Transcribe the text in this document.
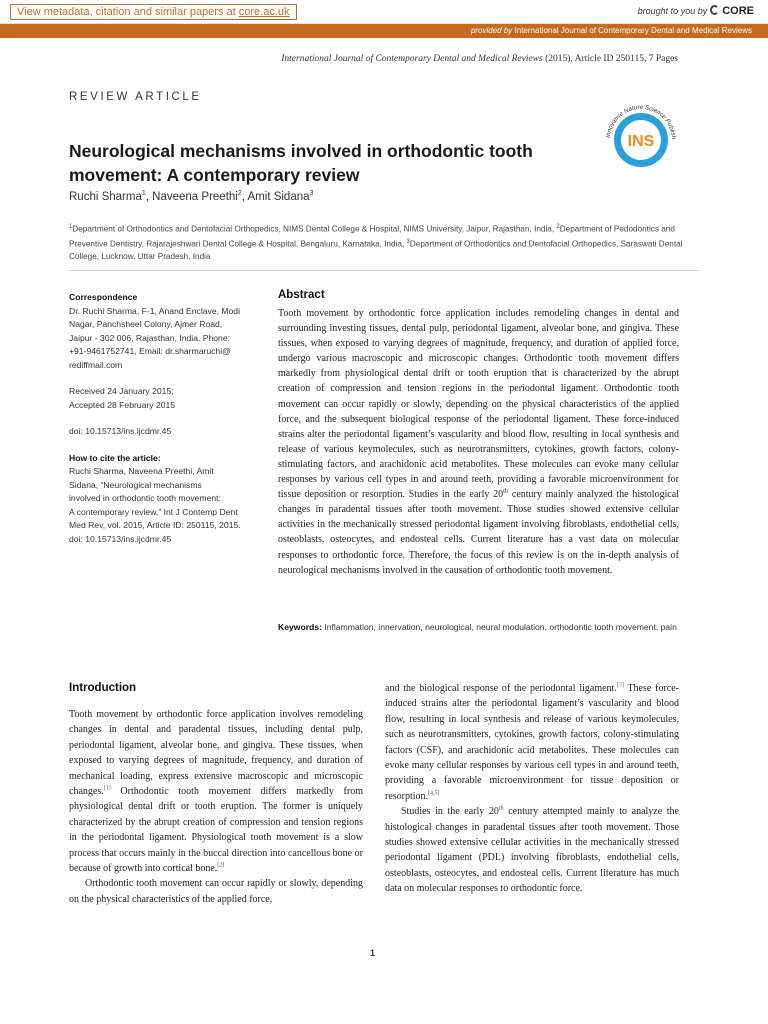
View metadata, citation and similar papers at core.ac.uk	brought to you by CORE
provided by International Journal of Contemporary Dental and Medical Reviews
International Journal of Contemporary Dental and Medical Reviews (2015), Article ID 250115, 7 Pages
REVIEW ARTICLE
INS
Innovative Nature Science Publish
Neurological mechanisms involved in orthodontic tooth movement: A contemporary review
Ruchi Sharma$^1$, Naveena Preethi$^2$, Amit Sidana$^3$
$^1$Department of Orthodontics and Dentofacial Orthopedics, NIMS Dental College & Hospital, NIMS University, Jaipur, Rajasthan, India, $^2$Department of Pedodontics and Preventive Dentistry, Rajarajeshwari Dental College & Hospital, Bengaluru, Karnataka, India, $^3$Department of Orthodontics and Dentofacial Orthopedics, Saraswati Dental College, Lucknow, Uttar Pradesh, India
Correspondence
Dr. Ruchi Sharma, F-1, Anand Enclave, Modi
Nagar, Panchsheel Colony, Ajmer Road,
Jaipur - 302 006, Rajasthan, India. Phone:
+91-9461752741, Email: dr.sharmaruchi@
rediffmail.com
Received 24 January 2015;
Accepted 28 February 2015
doi: 10.15713/ins.ijcdmr.45
How to cite the article:
Ruchi Sharma, Naveena Preethi, Amit
Sidana, “Neurological mechanisms
involved in orthodontic tooth movement:
A contemporary review,” Int J Contemp Dent
Med Rev, vol. 2015, Article ID: 250115, 2015.
doi: 10.15713/ins.ijcdmr.45
Abstract
Tooth movement by orthodontic force application includes remodeling changes in dental and surrounding investing tissues, dental pulp, periodontal ligament, alveolar bone, and gingiva. These tissues, when exposed to varying degrees of magnitude, frequency, and duration of applied force, undergo various macroscopic and microscopic changes. Orthodontic tooth movement differs markedly from physiological dental drift or tooth eruption that is characterized by the abrupt creation of compression and tension regions in the periodontal ligament. Orthodontic tooth movement can occur rapidly or slowly, depending on the physical characteristics of the applied force, and the subsequent biological response of the periodontal ligament. These force-induced strains alter the periodontal ligament’s vascularity and blood flow, resulting in local synthesis and release of various keymolecules, such as neurotransmitters, cytokines, growth factors, colony-stimulating factors, and arachidonic acid metabolites. These molecules can evoke many cellular responses by various cell types in and around teeth, providing a favorable microenvironment for tissue deposition or resorption. Studies in the early 20th century mainly analyzed the histological changes in paradental tissues after tooth movement. Those studies showed extensive cellular activities in the mechanically stressed periodontal ligament involving fibroblasts, endothelial cells, osteoblasts, osteocytes, and endosteal cells. Current literature has a vast data on molecular responses to orthodontic force. Therefore, the focus of this review is on the in-depth analysis of neurological mechanisms involved in the causation of orthodontic tooth movement.
Keywords: Inflammation, innervation, neurological, neural modulation, orthodontic tooth movement, pain
Introduction

Tooth movement by orthodontic force application involves remodeling changes in dental and paradental tissues, including dental pulp, periodontal ligament, alveolar bone, and gingiva. These tissues, when exposed to varying degrees of magnitude, frequency, and duration of mechanical loading, express extensive macroscopic and microscopic changes.[1] Orthodontic tooth movement differs markedly from physiological dental drift or tooth eruption. The former is uniquely characterized by the abrupt creation of compression and tension regions in the periodontal ligament. Physiological tooth movement is a slow process that occurs mainly in the buccal direction into cancellous bone or because of growth into cortical bone.[2]

Orthodontic tooth movement can occur rapidly or slowly, depending on the physical characteristics of the applied force,

and the biological response of the periodontal ligament.[3] These force-induced strains alter the periodontal ligament’s vascularity and blood flow, resulting in local synthesis and release of various keymolecules, such as neurotransmitters, cytokines, growth factors, colony-stimulating factors (CSF), and arachidonic acid metabolites. These molecules can evoke many cellular responses by various cell types in and around teeth, providing a favorable microenvironment for tissue deposition or resorption.[4,5]

Studies in the early 20th century attempted mainly to analyze the histological changes in paradental tissues after tooth movement. Those studies showed extensive cellular activities in the mechanically stressed periodontal ligament (PDL) involving fibroblasts, endothelial cells, osteoblasts, osteocytes, and endosteal cells. Current literature has much data on molecular responses to orthodontic force.

1
